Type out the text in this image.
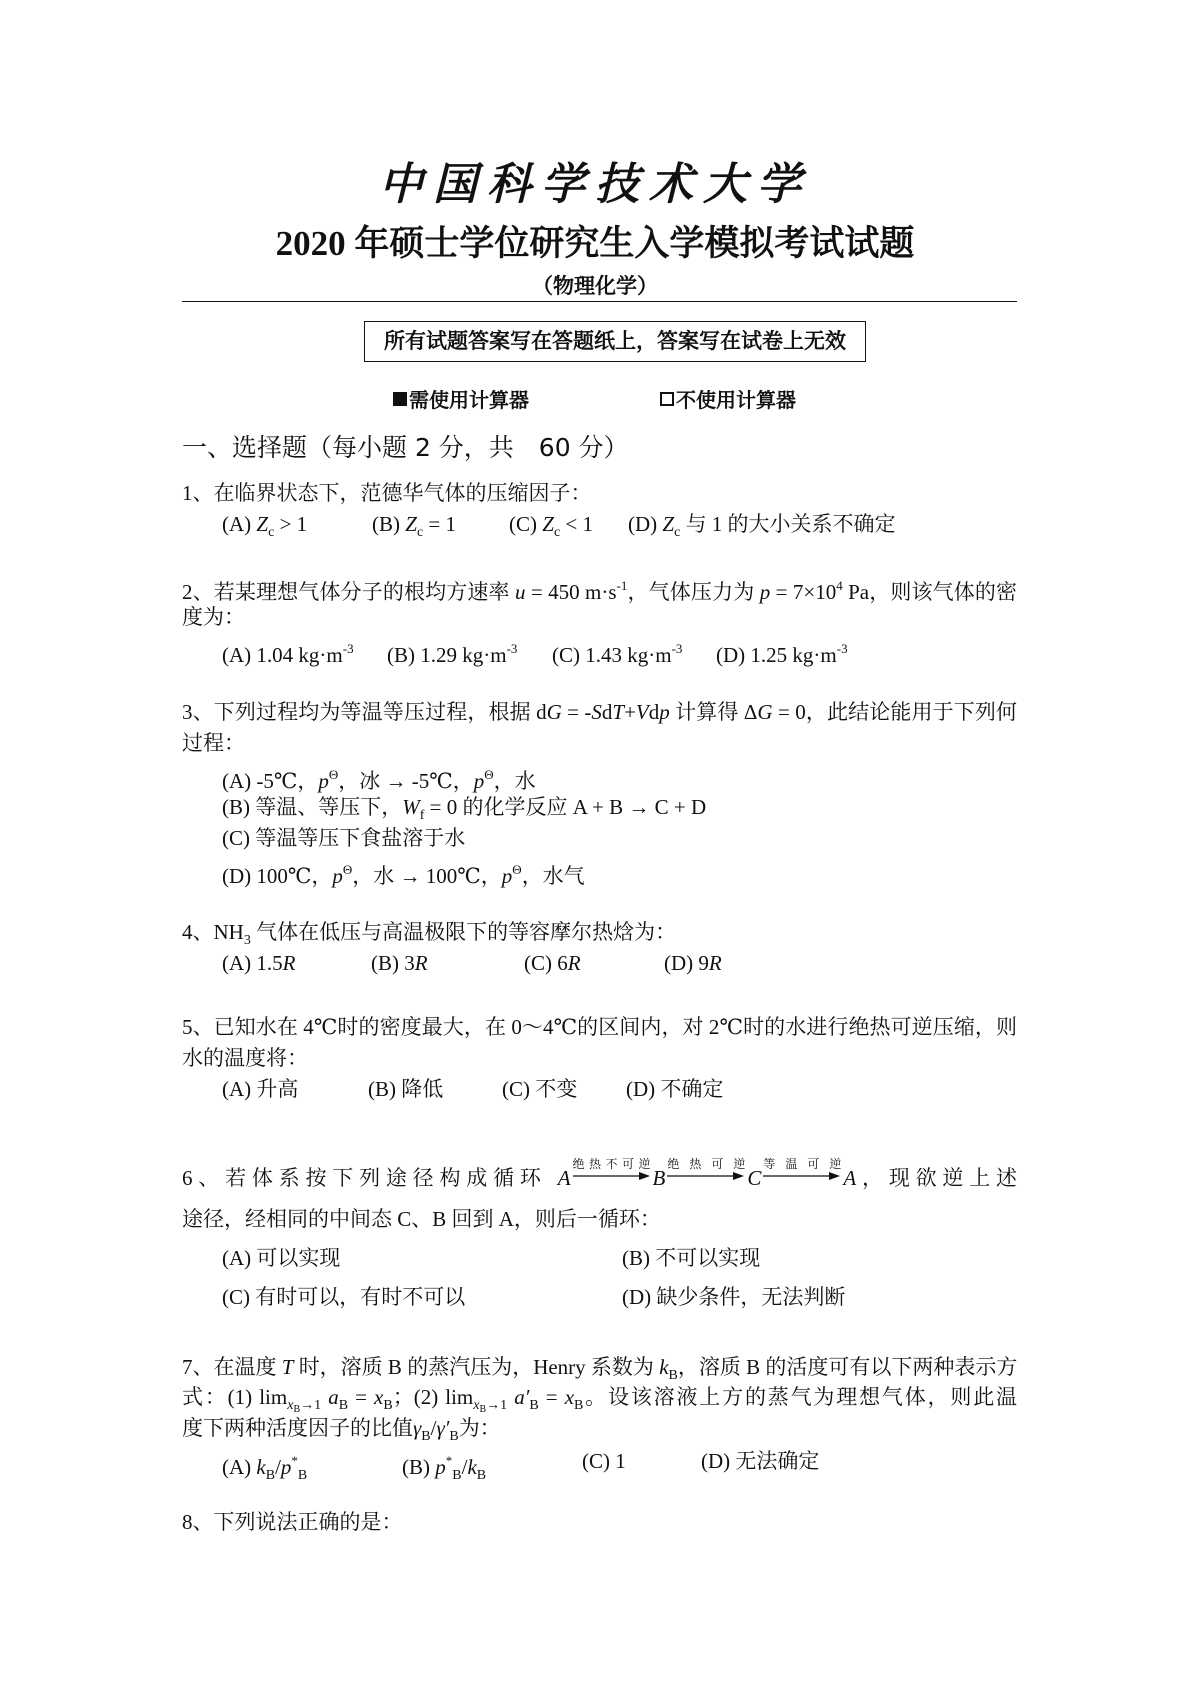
中国科学技术大学
2020 年硕士学位研究生入学模拟考试试题
（物理化学）
所有试题答案写在答题纸上，答案写在试卷上无效
需使用计算器	不使用计算器
一、选择题（每小题 2 分，共　60 分）
1、在临界状态下，范德华气体的压缩因子：
(A) $Z_c > 1$	(B) $Z_c = 1$	(C) $Z_c < 1$ (D) $Z_c$ 与 1 的大小关系不确定
2、若某理想气体分子的根均方速率 u = 450 $m\cdot s^{-1}$，气体压力为 $p = 7\times 10^4$ Pa，则该气体的密
度为：
(A) 1.04 $kg\cdot m^{-3}$ (B) 1.29 $kg\cdot m^{-3}$ (C) 1.43 $kg\cdot m^{-3}$ (D) 1.25 $kg\cdot m^{-3}$
3、下列过程均为等温等压过程，根据 dG = -SdT+Vdp 计算得 ΔG = 0，此结论能用于下列何
过程：
(A) -5℃，$p^\Theta$，冰 → -5℃，$p^\Theta$，水
(B) 等温、等压下，$W_f = 0$ 的化学反应 A + B → C + D
(C) 等温等压下食盐溶于水
(D) 100℃，$p^\Theta$，水 → 100℃，$p^\Theta$，水气
4、$NH_3$ 气体在低压与高温极限下的等容摩尔热焓为：
(A) 1.5R	(B) 3R	(C) 6R	(D) 9R
5、已知水在 4℃时的密度最大，在 0～4℃的区间内，对 2℃时的水进行绝热可逆压缩，则
水的温度将：
(A) 升高	(B) 降低	(C) 不变 (D) 不确定
6、若体系按下列途径构成循环 A
绝热不可逆
B
绝热可逆
C
等温可逆
A，现欲逆上述
途径，经相同的中间态 C、B 回到 A，则后一循环：
(A) 可以实现	(B) 不可以实现
(C) 有时可以，有时不可以	(D) 缺少条件，无法判断
7、在温度 T 时，溶质 B 的蒸汽压为，Henry 系数为 $k_B$，溶质 B 的活度可有以下两种表示方
式：(1) $\lim_{xB\to 1} a_B = x_B$；(2) $\lim_{xB\to 1} a'_B = x_B$。设该溶液上方的蒸气为理想气体，则此温
度下两种活度因子的比值$\gamma_B/\gamma'_B$为：
(A) $k_B/p^*_B$	(B) $p^*_B/k_B$
(C) 1	(D) 无法确定
8、下列说法正确的是：
